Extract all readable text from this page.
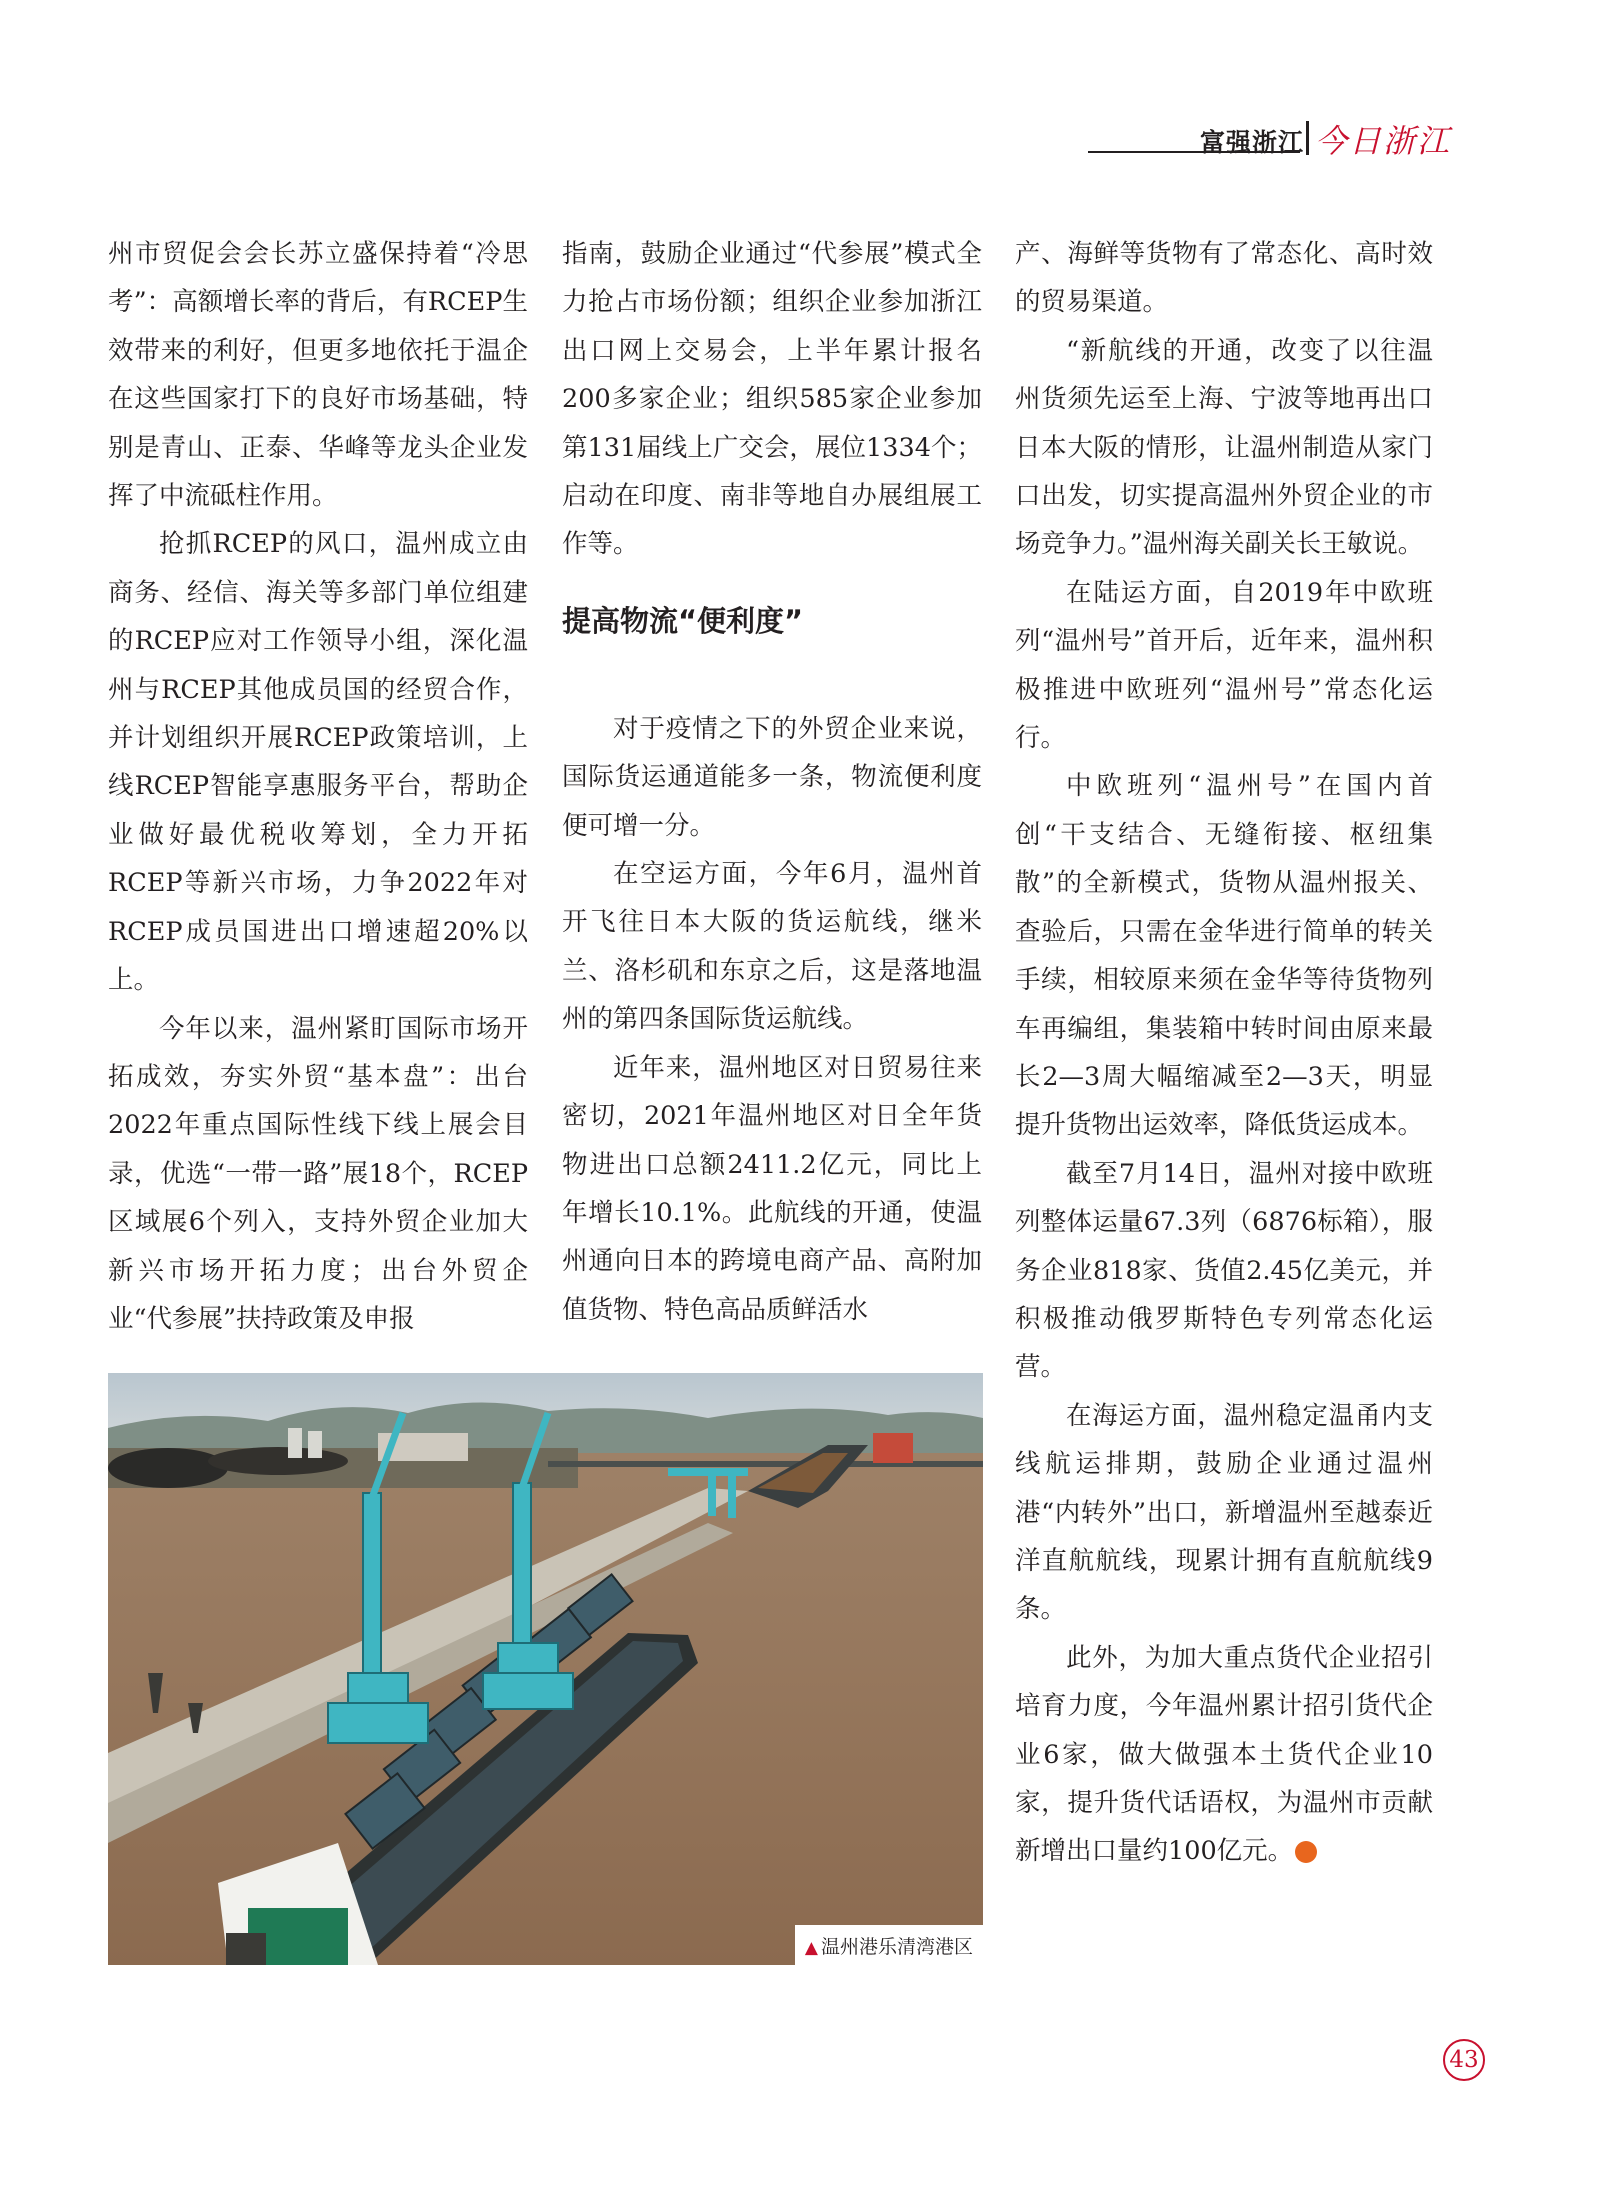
富强浙江 今日浙江

州市贸促会会长苏立盛保持着“冷思考”：高额增长率的背后，有RCEP生效带来的利好，但更多地依托于温企在这些国家打下的良好市场基础，特别是青山、正泰、华峰等龙头企业发挥了中流砥柱作用。

抢抓RCEP的风口，温州成立由商务、经信、海关等多部门单位组建的RCEP应对工作领导小组，深化温州与RCEP其他成员国的经贸合作，并计划组织开展RCEP政策培训，上线RCEP智能享惠服务平台，帮助企业做好最优税收筹划，全力开拓RCEP等新兴市场，力争2022年对RCEP成员国进出口增速超20%以上。

今年以来，温州紧盯国际市场开拓成效，夯实外贸“基本盘”：出台2022年重点国际性线下线上展会目录，优选“一带一路”展18个，RCEP区域展6个列入，支持外贸企业加大新兴市场开拓力度；出台外贸企业“代参展”扶持政策及申报

指南，鼓励企业通过“代参展”模式全力抢占市场份额；组织企业参加浙江出口网上交易会，上半年累计报名200多家企业；组织585家企业参加第131届线上广交会，展位1334个；启动在印度、南非等地自办展组展工作等。

提高物流“便利度”

对于疫情之下的外贸企业来说，国际货运通道能多一条，物流便利度便可增一分。

在空运方面，今年6月，温州首开飞往日本大阪的货运航线，继米兰、洛杉矶和东京之后，这是落地温州的第四条国际货运航线。

近年来，温州地区对日贸易往来密切，2021年温州地区对日全年货物进出口总额2411.2亿元，同比上年增长10.1%。此航线的开通，使温州通向日本的跨境电商产品、高附加值货物、特色高品质鲜活水

产、海鲜等货物有了常态化、高时效的贸易渠道。

“新航线的开通，改变了以往温州货须先运至上海、宁波等地再出口日本大阪的情形，让温州制造从家门口出发，切实提高温州外贸企业的市场竞争力。”温州海关副关长王敏说。

在陆运方面，自2019年中欧班列“温州号”首开后，近年来，温州积极推进中欧班列“温州号”常态化运行。

中欧班列“温州号”在国内首创“干支结合、无缝衔接、枢纽集散”的全新模式，货物从温州报关、查验后，只需在金华进行简单的转关手续，相较原来须在金华等待货物列车再编组，集装箱中转时间由原来最长2—3周大幅缩减至2—3天，明显提升货物出运效率，降低货运成本。

截至7月14日，温州对接中欧班列整体运量67.3列（6876标箱），服务企业818家、货值2.45亿美元，并积极推动俄罗斯特色专列常态化运营。

在海运方面，温州稳定温甬内支线航运排期，鼓励企业通过温州港“内转外”出口，新增温州至越泰近洋直航航线，现累计拥有直航航线9条。

此外，为加大重点货代企业招引培育力度，今年温州累计招引货代企业6家，做大做强本土货代企业10家，提升货代话语权，为温州市贡献新增出口量约100亿元。	今

▲ 温州港乐清湾港区
43
